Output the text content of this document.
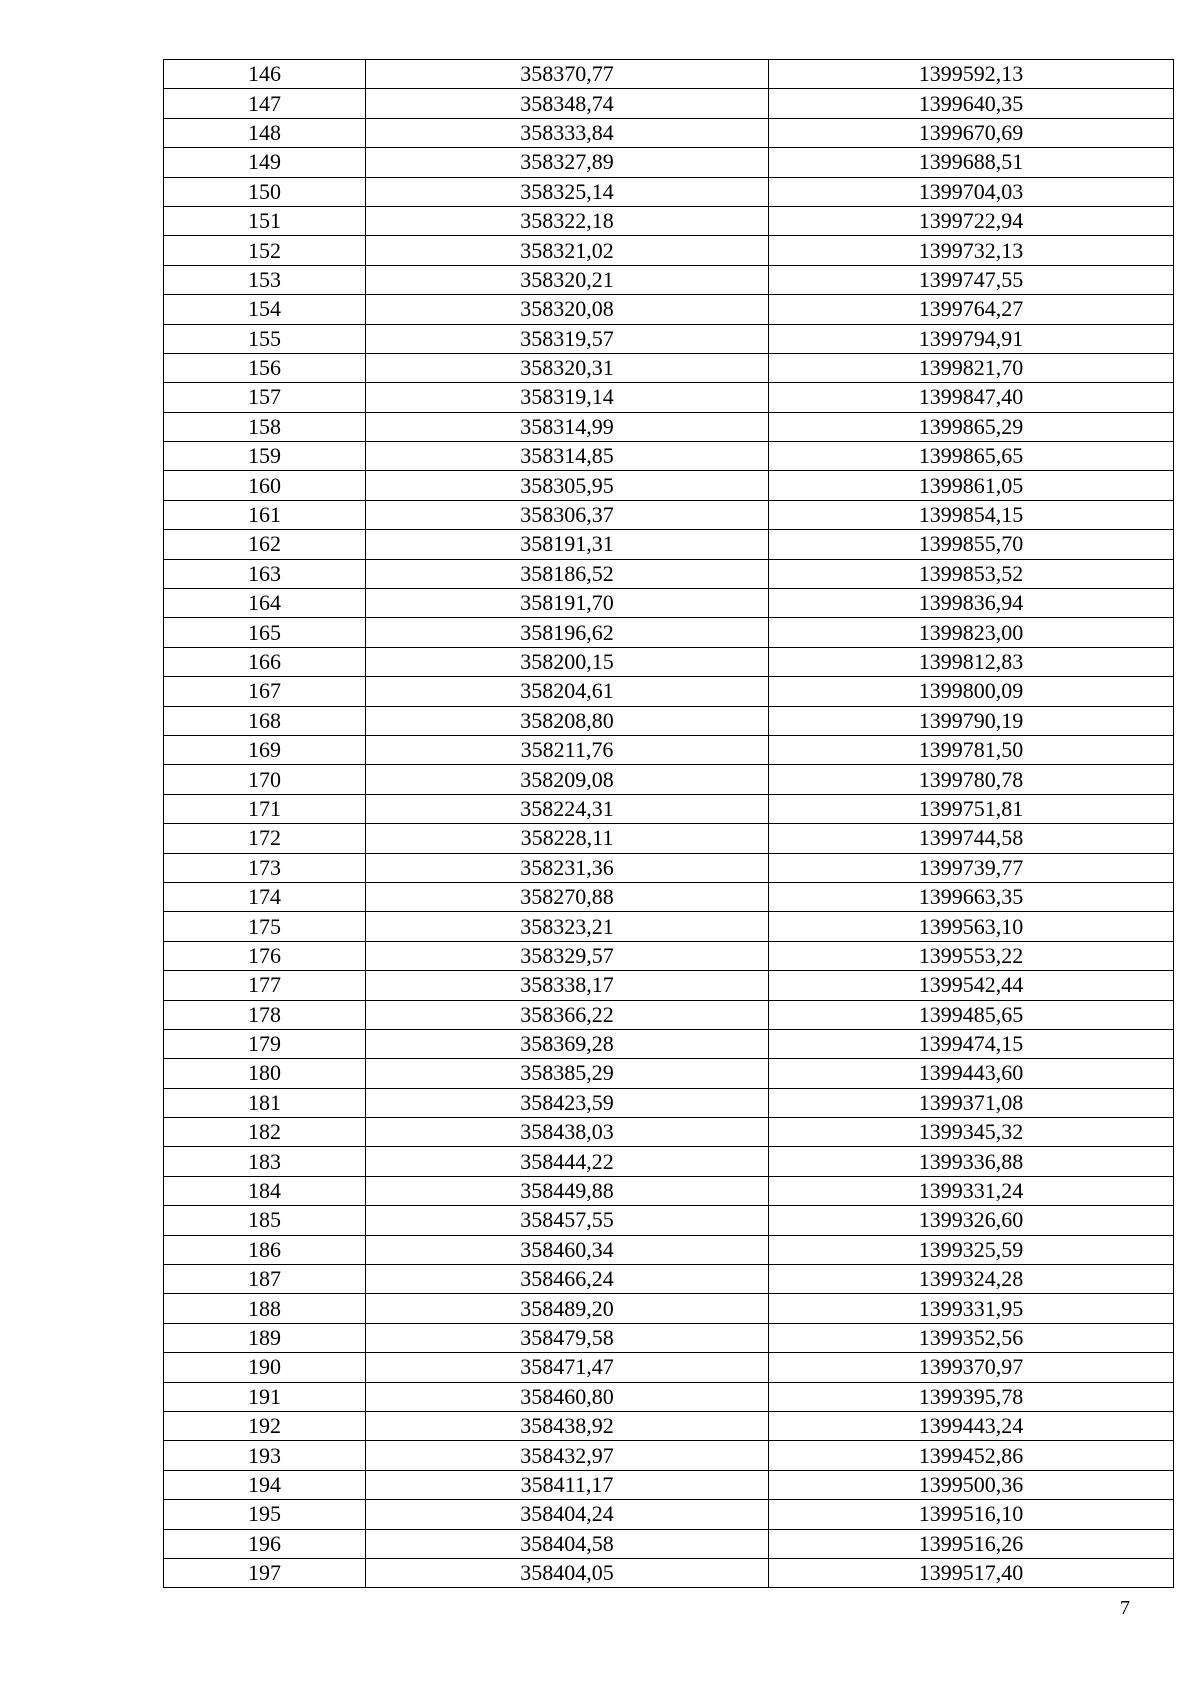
146	358370,77	1399592,13
147	358348,74	1399640,35
148	358333,84	1399670,69
149	358327,89	1399688,51
150	358325,14	1399704,03
151	358322,18	1399722,94
152	358321,02	1399732,13
153	358320,21	1399747,55
154	358320,08	1399764,27
155	358319,57	1399794,91
156	358320,31	1399821,70
157	358319,14	1399847,40
158	358314,99	1399865,29
159	358314,85	1399865,65
160	358305,95	1399861,05
161	358306,37	1399854,15
162	358191,31	1399855,70
163	358186,52	1399853,52
164	358191,70	1399836,94
165	358196,62	1399823,00
166	358200,15	1399812,83
167	358204,61	1399800,09
168	358208,80	1399790,19
169	358211,76	1399781,50
170	358209,08	1399780,78
171	358224,31	1399751,81
172	358228,11	1399744,58
173	358231,36	1399739,77
174	358270,88	1399663,35
175	358323,21	1399563,10
176	358329,57	1399553,22
177	358338,17	1399542,44
178	358366,22	1399485,65
179	358369,28	1399474,15
180	358385,29	1399443,60
181	358423,59	1399371,08
182	358438,03	1399345,32
183	358444,22	1399336,88
184	358449,88	1399331,24
185	358457,55	1399326,60
186	358460,34	1399325,59
187	358466,24	1399324,28
188	358489,20	1399331,95
189	358479,58	1399352,56
190	358471,47	1399370,97
191	358460,80	1399395,78
192	358438,92	1399443,24
193	358432,97	1399452,86
194	358411,17	1399500,36
195	358404,24	1399516,10
196	358404,58	1399516,26
197	358404,05	1399517,40
7
